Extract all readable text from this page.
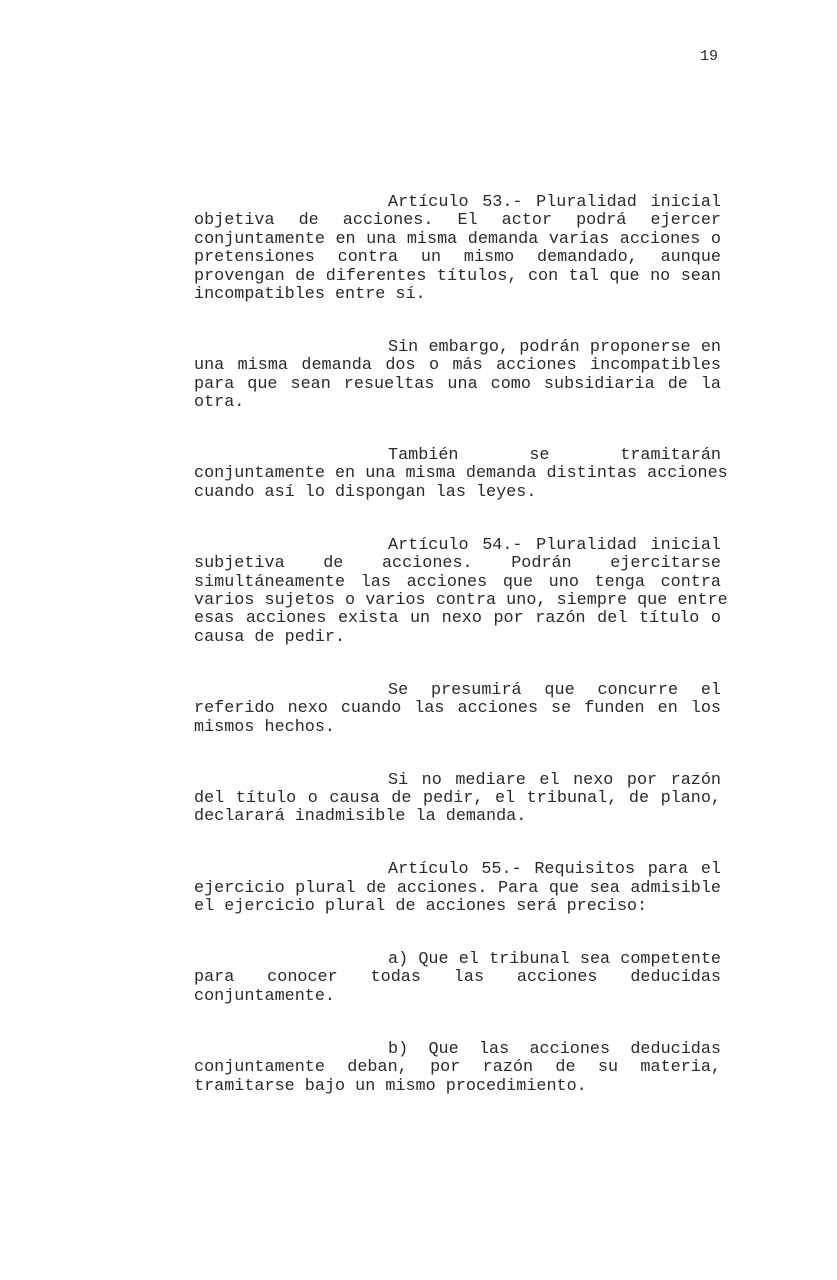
19
Artículo 53.- Pluralidad inicial
objetiva de acciones. El actor podrá ejercer
conjuntamente en una misma demanda varias acciones o
pretensiones contra un mismo demandado, aunque
provengan de diferentes títulos, con tal que no sean
incompatibles entre sí.
Sin embargo, podrán proponerse en
una misma demanda dos o más acciones incompatibles
para que sean resueltas una como subsidiaria de la
otra.
También se tramitarán
conjuntamente en una misma demanda distintas acciones
cuando así lo dispongan las leyes.
Artículo 54.- Pluralidad inicial
subjetiva de acciones. Podrán ejercitarse
simultáneamente las acciones que uno tenga contra
varios sujetos o varios contra uno, siempre que entre
esas acciones exista un nexo por razón del título o
causa de pedir.
Se presumirá que concurre el
referido nexo cuando las acciones se funden en los
mismos hechos.
Si no mediare el nexo por razón
del título o causa de pedir, el tribunal, de plano,
declarará inadmisible la demanda.
Artículo 55.- Requisitos para el
ejercicio plural de acciones. Para que sea admisible
el ejercicio plural de acciones será preciso:
a) Que el tribunal sea competente
para conocer todas las acciones deducidas
conjuntamente.
b) Que las acciones deducidas
conjuntamente deban, por razón de su materia,
tramitarse bajo un mismo procedimiento.
